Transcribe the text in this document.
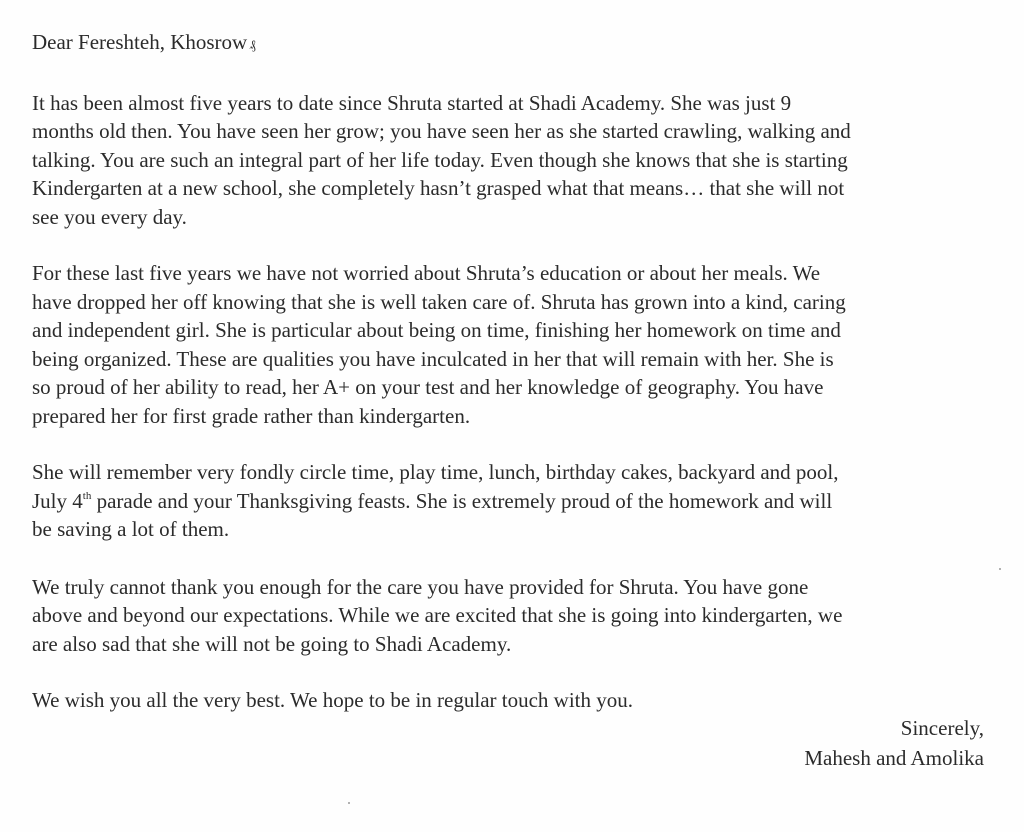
Dear Fereshteh, Khosrow ₰

It has been almost five years to date since Shruta started at Shadi Academy. She was just 9
months old then. You have seen her grow; you have seen her as she started crawling, walking and
talking. You are such an integral part of her life today. Even though she knows that she is starting
Kindergarten at a new school, she completely hasn’t grasped what that means… that she will not
see you every day.

For these last five years we have not worried about Shruta’s education or about her meals. We
have dropped her off knowing that she is well taken care of. Shruta has grown into a kind, caring
and independent girl. She is particular about being on time, finishing her homework on time and
being organized. These are qualities you have inculcated in her that will remain with her. She is
so proud of her ability to read, her A+ on your test and her knowledge of geography. You have
prepared her for first grade rather than kindergarten.

She will remember very fondly circle time, play time, lunch, birthday cakes, backyard and pool,
July 4th parade and your Thanksgiving feasts. She is extremely proud of the homework and will
be saving a lot of them.

We truly cannot thank you enough for the care you have provided for Shruta. You have gone
above and beyond our expectations. While we are excited that she is going into kindergarten, we
are also sad that she will not be going to Shadi Academy.

We wish you all the very best. We hope to be in regular touch with you.

Sincerely,
Mahesh and Amolika
